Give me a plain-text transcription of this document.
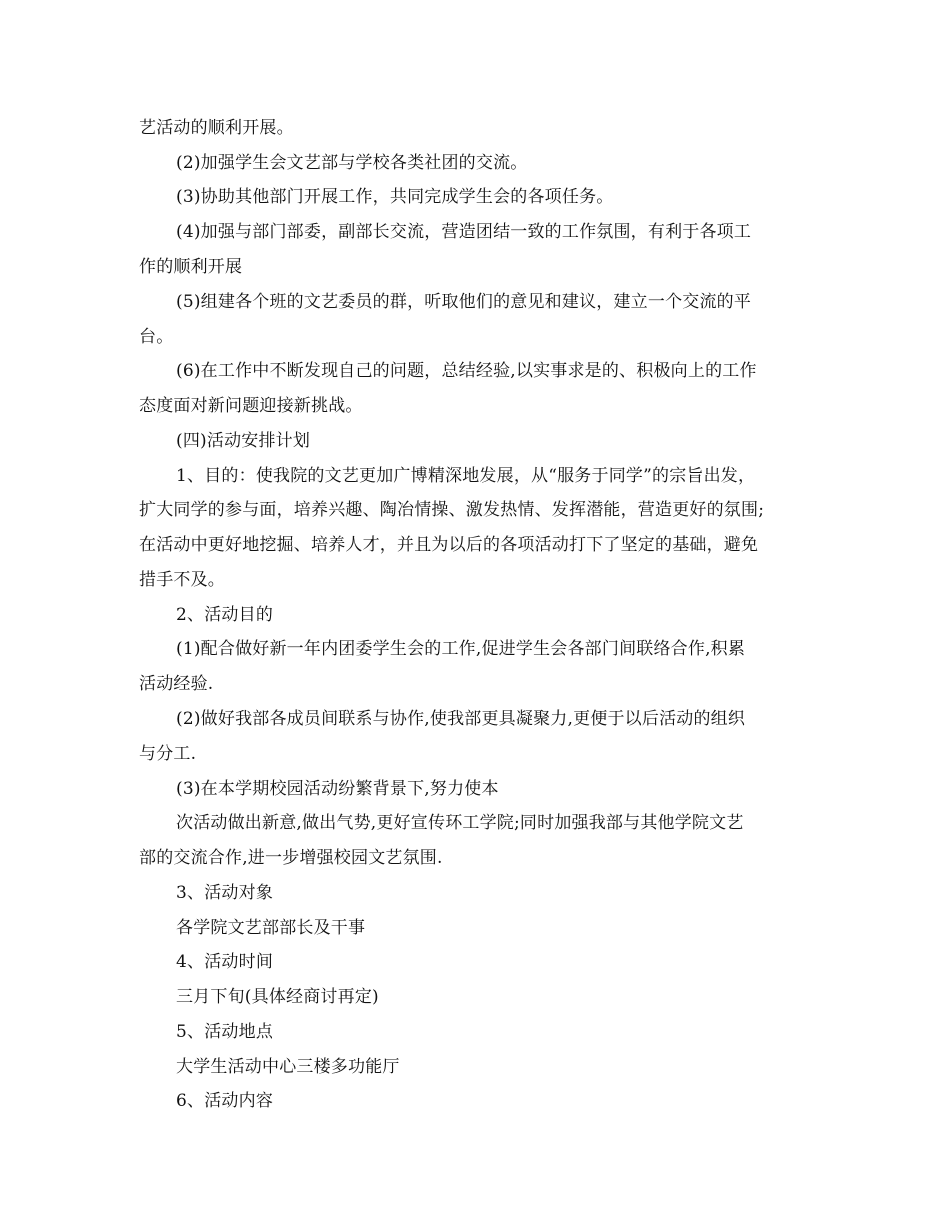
艺活动的顺利开展。
(2)加强学生会文艺部与学校各类社团的交流。
(3)协助其他部门开展工作，共同完成学生会的各项任务。
(4)加强与部门部委，副部长交流，营造团结一致的工作氛围，有利于各项工
作的顺利开展
(5)组建各个班的文艺委员的群，听取他们的意见和建议，建立一个交流的平
台。
(6)在工作中不断发现自己的问题，总结经验,以实事求是的、积极向上的工作
态度面对新问题迎接新挑战。
(四)活动安排计划
1、目的：使我院的文艺更加广博精深地发展，从“服务于同学”的宗旨出发，
扩大同学的参与面，培养兴趣、陶冶情操、激发热情、发挥潜能，营造更好的氛围;
在活动中更好地挖掘、培养人才，并且为以后的各项活动打下了坚定的基础，避免
措手不及。
2、活动目的
(1)配合做好新一年内团委学生会的工作,促进学生会各部门间联络合作,积累
活动经验.
(2)做好我部各成员间联系与协作,使我部更具凝聚力,更便于以后活动的组织
与分工.
(3)在本学期校园活动纷繁背景下,努力使本
次活动做出新意,做出气势,更好宣传环工学院;同时加强我部与其他学院文艺
部的交流合作,进一步增强校园文艺氛围.
3、活动对象
各学院文艺部部长及干事
4、活动时间
三月下旬(具体经商讨再定)
5、活动地点
大学生活动中心三楼多功能厅
6、活动内容
